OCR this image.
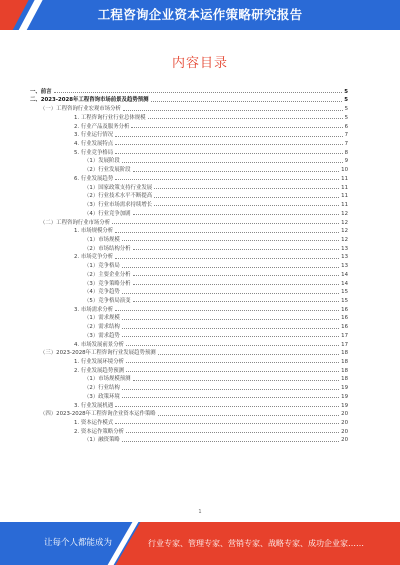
工程咨询企业资本运作策略研究报告
内容目录
一、前言	5
二、2023-2028年工程咨询市场前景及趋势预测	5
（一）工程咨询行业宏观市场分析	5
1. 工程咨询行业行业总体规模	5
2. 行业产品及服务分析	6
3. 行业运行情况	7
4. 行业发展特点	7
5. 行业竞争格局	8
（1）发展阶段	9
（2）行业发展阶段	10
6. 行业发展趋势	11
（1）国家政策支持行业发展	11
（2）行业技术水平不断提高	11
（3）行业市场需求持续增长	11
（4）行业竞争加剧	12
（二）工程咨询行业市场分析	12
1. 市场规模分析	12
（1）市场规模	12
（2）市场结构分析	13
2. 市场竞争分析	13
（1）竞争格局	13
（2）主要企业分析	14
（3）竞争策略分析	14
（4）竞争趋势	15
（5）竞争格局演变	15
3. 市场需求分析	16
（1）需求规模	16
（2）需求结构	16
（3）需求趋势	17
4. 市场发展前景分析	17
（三）2023-2028年工程咨询行业发展趋势预测	18
1. 行业发展环境分析	18
2. 行业发展趋势预测	18
（1）市场规模预测	18
（2）行业结构	19
（3）政策环境	19
3. 行业发展机遇	19
（四）2023-2028年工程咨询企业资本运作策略	20
1. 资本运作模式	20
2. 资本运作策略分析	20
（1）融资策略	20
1
让每个人都能成为	行业专家、管理专家、营销专家、战略专家、成功企业家……
